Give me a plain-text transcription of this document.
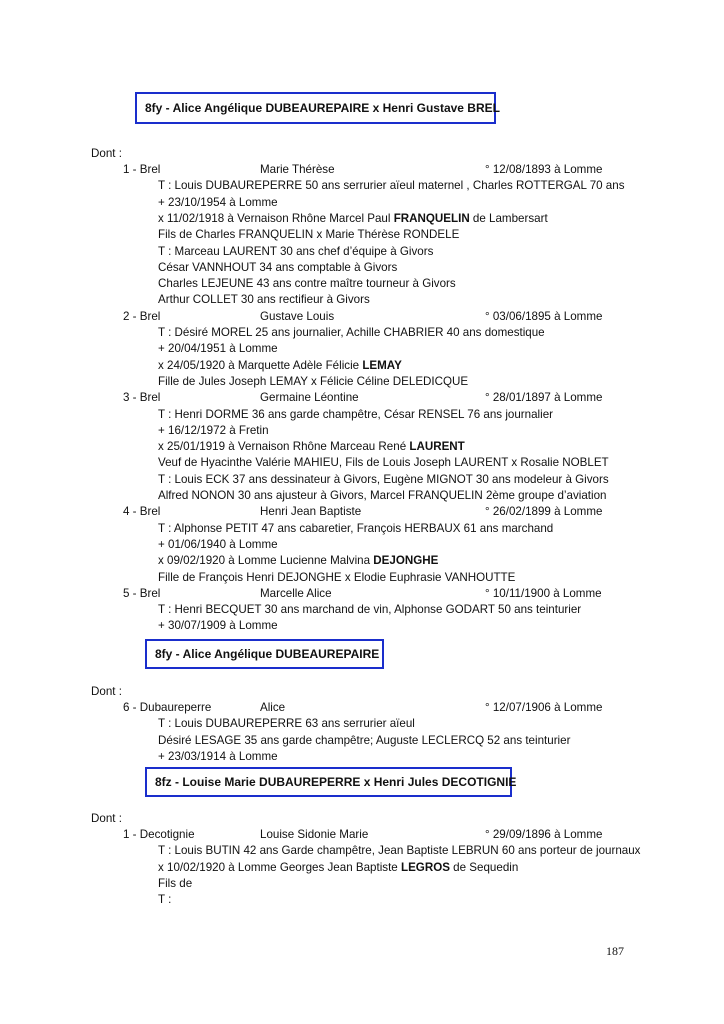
8fy - Alice Angélique DUBEAUREPAIRE x Henri Gustave BREL
Dont :
1 - Brel	Marie Thérèse	° 12/08/1893 à Lomme
T : Louis DUBAUREPERRE 50 ans serrurier aïeul maternel , Charles ROTTERGAL 70 ans
+ 23/10/1954 à Lomme
x 11/02/1918 à Vernaison Rhône Marcel Paul FRANQUELIN de Lambersart
Fils de Charles FRANQUELIN x Marie Thérèse RONDELE
T : Marceau LAURENT 30 ans chef d’équipe à Givors
César VANNHOUT 34 ans comptable à Givors
Charles LEJEUNE 43 ans contre maître tourneur à Givors
Arthur COLLET 30 ans rectifieur à Givors
2 - Brel	Gustave Louis	° 03/06/1895 à Lomme
T : Désiré MOREL 25 ans journalier, Achille CHABRIER 40 ans domestique
+ 20/04/1951 à Lomme
x 24/05/1920 à Marquette Adèle Félicie LEMAY
Fille de Jules Joseph LEMAY x Félicie Céline DELEDICQUE
3 - Brel	Germaine Léontine	° 28/01/1897 à Lomme
T : Henri DORME 36 ans garde champêtre, César RENSEL 76 ans journalier
+ 16/12/1972 à Fretin
x 25/01/1919 à Vernaison Rhône Marceau René LAURENT
Veuf de Hyacinthe Valérie MAHIEU, Fils de Louis Joseph LAURENT x Rosalie NOBLET
T : Louis ECK 37 ans dessinateur à Givors, Eugène MIGNOT 30 ans modeleur à Givors
Alfred NONON 30 ans ajusteur à Givors, Marcel FRANQUELIN 2ème groupe d’aviation
4 - Brel	Henri Jean Baptiste	° 26/02/1899 à Lomme
T : Alphonse PETIT 47 ans cabaretier, François HERBAUX 61 ans marchand
+ 01/06/1940 à Lomme
x 09/02/1920 à Lomme Lucienne Malvina DEJONGHE
Fille de François Henri DEJONGHE x Elodie Euphrasie VANHOUTTE
5 - Brel	Marcelle Alice	° 10/11/1900 à Lomme
T : Henri BECQUET 30 ans marchand de vin, Alphonse GODART 50 ans teinturier
+ 30/07/1909 à Lomme
8fy - Alice Angélique DUBEAUREPAIRE
Dont :
6 - Dubaureperre	Alice	° 12/07/1906 à Lomme
T : Louis DUBAUREPERRE 63 ans serrurier aïeul
Désiré LESAGE 35 ans garde champêtre; Auguste LECLERCQ 52 ans teinturier
+ 23/03/1914 à Lomme
8fz - Louise Marie DUBAUREPERRE x Henri Jules DECOTIGNIE
Dont :
1 - Decotignie	Louise Sidonie Marie	° 29/09/1896 à Lomme
T : Louis BUTIN 42 ans Garde champêtre, Jean Baptiste LEBRUN 60 ans porteur de journaux
x 10/02/1920 à Lomme Georges Jean Baptiste LEGROS de Sequedin
Fils de
T :
187
